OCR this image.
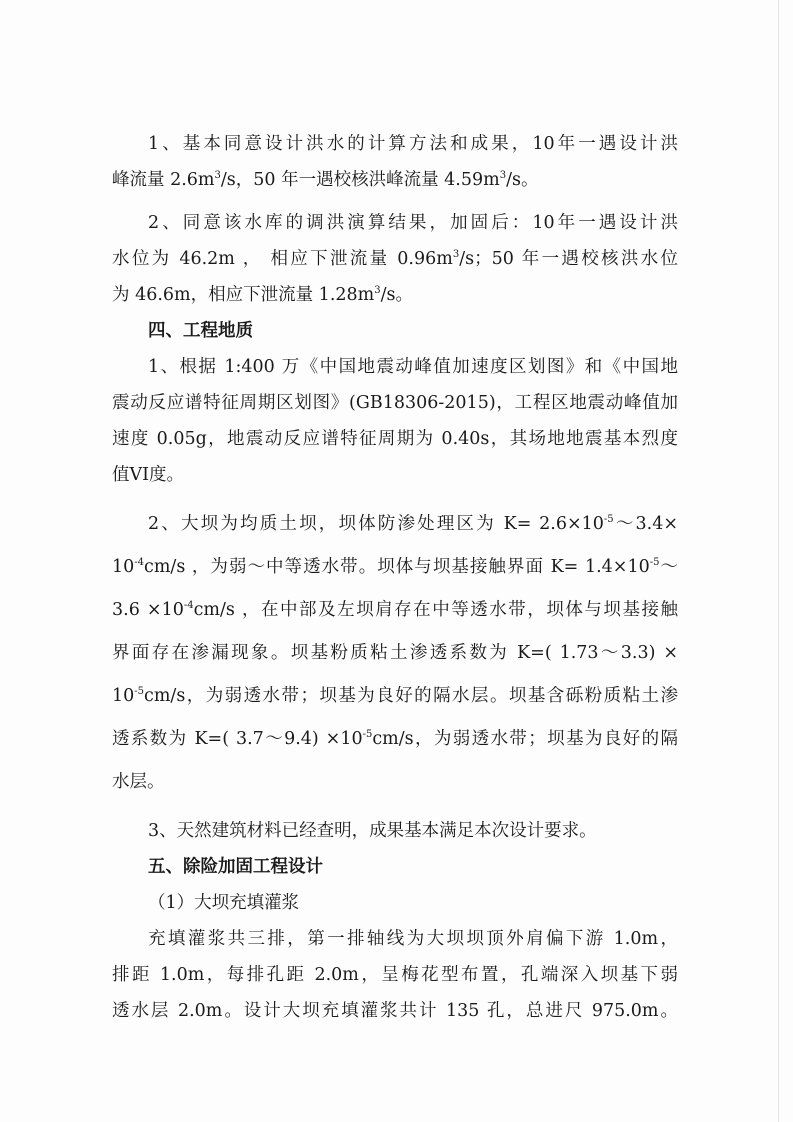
1、基本同意设计洪水的计算方法和成果，10年一遇设计洪
峰流量 $2.6m^3/s$，50 年一遇校核洪峰流量 $4.59m^3/s$。
2、同意该水库的调洪演算结果，加固后：10年一遇设计洪
水位为 46.2m ， 相应下泄流量 $0.96m^3/s$；50 年一遇校核洪水位
为 46.6m，相应下泄流量 $1.28m^3/s$。
四、工程地质
1、根据 1:400 万《中国地震动峰值加速度区划图》和《中国地
震动反应谱特征周期区划图》(GB18306-2015)，工程区地震动峰值加
速度 0.05g，地震动反应谱特征周期为 0.40s，其场地地震基本烈度
值VI度。
2、大坝为均质土坝，坝体防渗处理区为 $K= 2.6\times 10^{-5}\sim 3.4\times$
$10^{-4}cm/s$ ，为弱～中等透水带。坝体与坝基接触界面 $K= 1.4\times 10^{-5}\sim$
$3.6 \times 10^{-4}cm/s$ ，在中部及左坝肩存在中等透水带，坝体与坝基接触
界面存在渗漏现象。坝基粉质粘土渗透系数为 K=( 1.73～3.3) ×
$10^{-5}cm/s$，为弱透水带；坝基为良好的隔水层。坝基含砾粉质粘土渗
透系数为 K=( 3.7～9.4) $\times 10^{-5}cm/s$，为弱透水带；坝基为良好的隔
水层。
3、天然建筑材料已经查明，成果基本满足本次设计要求。
五、除险加固工程设计
（1）大坝充填灌浆
充填灌浆共三排，第一排轴线为大坝坝顶外肩偏下游 1.0m，
排距 1.0m，每排孔距 2.0m，呈梅花型布置，孔端深入坝基下弱
透水层 2.0m。设计大坝充填灌浆共计 135 孔，总进尺 975.0m。
